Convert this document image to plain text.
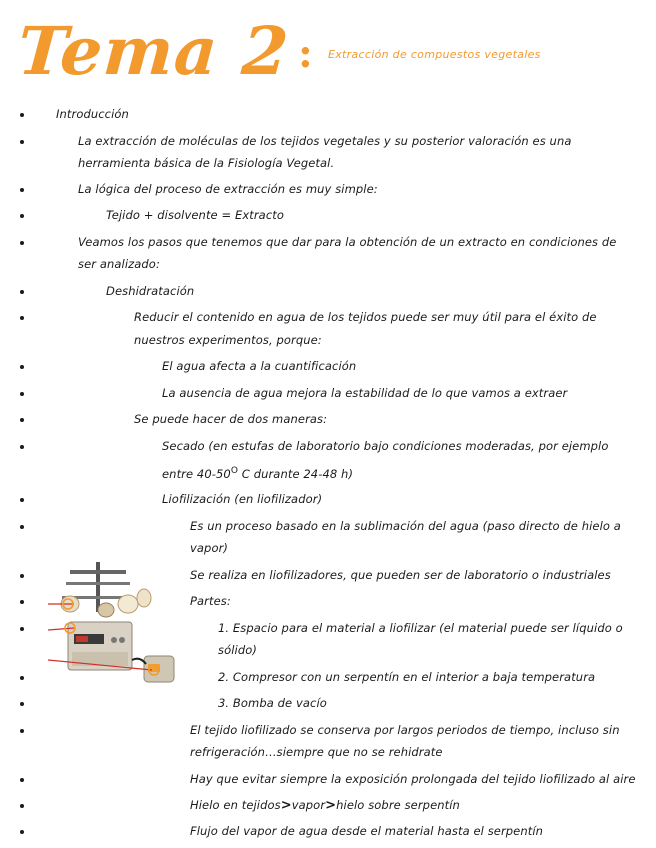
Tema 2 : Extracción de compuestos vegetales
Introducción
La extracción de moléculas de los tejidos vegetales y su posterior valoración es una
herramienta básica de la Fisiología Vegetal.
La lógica del proceso de extracción es muy simple:
Tejido + disolvente = Extracto
Veamos los pasos que tenemos que dar para la obtención de un extracto en condiciones de
ser analizado:
Deshidratación
Reducir el contenido en agua de los tejidos puede ser muy útil para el éxito de
nuestros experimentos, porque:
El agua afecta a la cuantificación
La ausencia de agua mejora la estabilidad de lo que vamos a extraer
Se puede hacer de dos maneras:
Secado (en estufas de laboratorio bajo condiciones moderadas, por ejemplo
entre $40-50^O$ C durante 24-48 h)
Liofilización (en liofilizador)
Es un proceso basado en la sublimación del agua (paso directo de hielo a
vapor)
Se realiza en liofilizadores, que pueden ser de laboratorio o industriales
Partes:
1. Espacio para el material a liofilizar (el material puede ser líquido o
sólido)
2. Compresor con un serpentín en el interior a baja temperatura
3. Bomba de vacío
El tejido liofilizado se conserva por largos periodos de tiempo, incluso sin
refrigeración…siempre que no se rehidrate
Hay que evitar siempre la exposición prolongada del tejido liofilizado al aire
Hielo en tejidos>vapor>hielo sobre serpentín
Flujo del vapor de agua desde el material hasta el serpentín
